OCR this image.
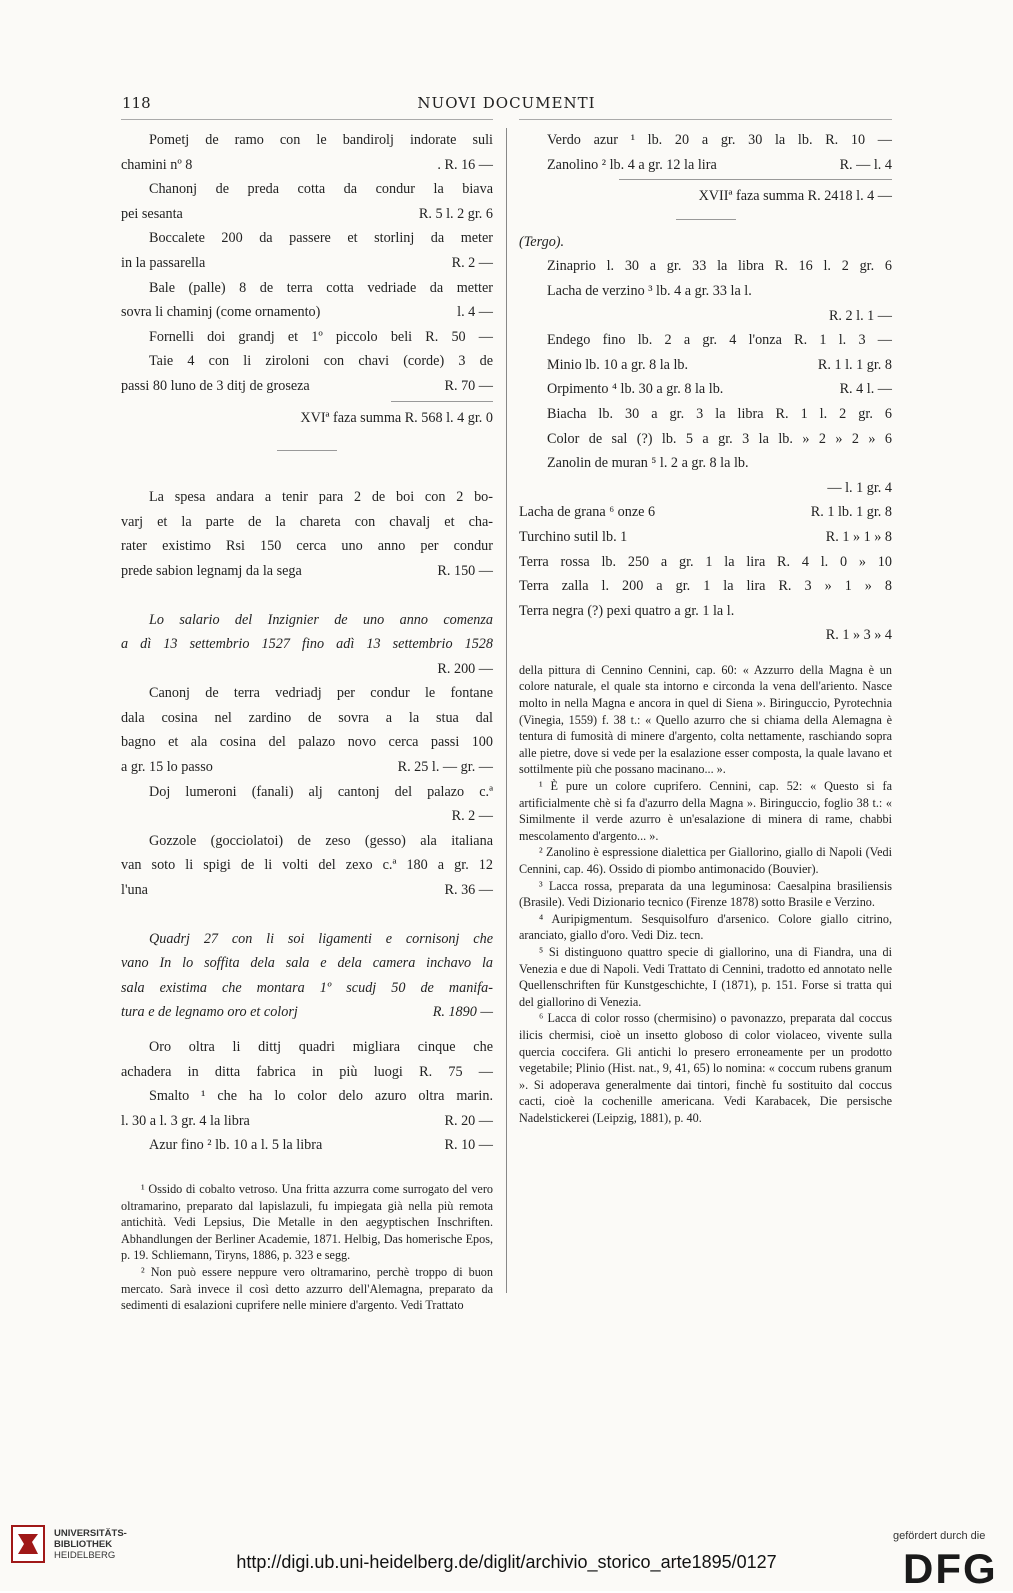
118	NUOVI DOCUMENTI
Pometj de ramo con le bandirolj indorate suli
chamini nº 8	. R. 16 —
Chanonj de preda cotta da condur la biava
pei sesanta	R. 5 l. 2 gr. 6
Boccalete 200 da passere et storlinj da meter
in la passarella	R. 2 —
Bale (palle) 8 de terra cotta vedriade da metter
sovra li chaminj (come ornamento)	l. 4 —
Fornelli doi grandj et 1º piccolo beli R. 50 —
Taie 4 con li ziroloni con chavi (corde) 3 de
passi 80 luno de 3 ditj de groseza	R. 70 —
XVIª faza summa R. 568 l. 4 gr. 0
La spesa andara a tenir para 2 de boi con 2 bo-
varj et la parte de la chareta con chavalj et cha-
rater existimo Rsi 150 cerca uno anno per condur
prede sabion legnamj da la sega	R. 150 —
Lo salario del Inzignier de uno anno comenza
a dì 13 settembrio 1527 fino adì 13 settembrio 1528
R. 200 —
Canonj de terra vedriadj per condur le fontane
dala cosina nel zardino de sovra a la stua dal
bagno et ala cosina del palazo novo cerca passi 100
a gr. 15 lo passo	R. 25 l. — gr. —
Doj lumeroni (fanali) alj cantonj del palazo c.ª
R. 2 —
Gozzole (gocciolatoi) de zeso (gesso) ala italiana
van soto li spigi de li volti del zexo c.ª 180 a gr. 12
l'una	R. 36 —
Quadrj 27 con li soi ligamenti e cornisonj che
vano In lo soffita dela sala e dela camera inchavo la
sala existima che montara 1º scudj 50 de manifa-
tura e de legnamo oro et colorj	R. 1890 —
Oro oltra li dittj quadri migliara cinque che
achadera in ditta fabrica in più luogi R. 75 —
Smalto ¹ che ha lo color delo azuro oltra marin.
l. 30 a l. 3 gr. 4 la libra	R. 20 —
Azur fino ² lb. 10 a l. 5 la libra	R. 10 —

¹ Ossido di cobalto vetroso. Una fritta azzurra come surrogato del vero oltramarino, preparato dal lapislazuli, fu impiegata già nella più remota antichità. Vedi Lepsius, Die Metalle in den aegyptischen Inschriften. Abhandlungen der Berliner Academie, 1871. Helbig, Das homerische Epos, p. 19. Schliemann, Tiryns, 1886, p. 323 e segg.

² Non può essere neppure vero oltramarino, perchè troppo di buon mercato. Sarà invece il così detto azzurro dell'Alemagna, preparato da sedimenti di esalazioni cuprifere nelle miniere d'argento. Vedi Trattato

Verdo azur ¹ lb. 20 a gr. 30 la lb. R. 10 —
Zanolino ² lb. 4 a gr. 12 la lira	R. — l. 4
XVIIª faza summa R. 2418 l. 4 —
(Tergo).
Zinaprio l. 30 a gr. 33 la libra R. 16 l. 2 gr. 6
Lacha de verzino ³ lb. 4 a gr. 33 la l.
R. 2 l. 1 —
Endego fino lb. 2 a gr. 4 l'onza R. 1 l. 3 —
Minio lb. 10 a gr. 8 la lb.	R. 1 l. 1 gr. 8
Orpimento ⁴ lb. 30 a gr. 8 la lb.	R. 4 l. —
Biacha lb. 30 a gr. 3 la libra R. 1 l. 2 gr. 6
Color de sal (?) lb. 5 a gr. 3 la lb. » 2 » 2 » 6
Zanolin de muran ⁵ l. 2 a gr. 8 la lb.
— l. 1 gr. 4
Lacha de grana ⁶ onze 6	R. 1 lb. 1 gr. 8
Turchino sutil lb. 1	R. 1 » 1 » 8
Terra rossa lb. 250 a gr. 1 la lira R. 4 l. 0 » 10
Terra zalla l. 200 a gr. 1 la lira R. 3 » 1 » 8
Terra negra (?) pexi quatro a gr. 1 la l.
R. 1 » 3 » 4

della pittura di Cennino Cennini, cap. 60: « Azzurro della Magna è un colore naturale, el quale sta intorno e circonda la vena dell'ariento. Nasce molto in nella Magna e ancora in quel di Siena ». Biringuccio, Pyrotechnia (Vinegia, 1559) f. 38 t.: « Quello azurro che si chiama della Alemagna è tentura di fumosità di minere d'argento, colta nettamente, raschiando sopra alle pietre, dove si vede per la esalazione esser composta, la quale lavano et sottilmente più che possano macinano... ».

¹ È pure un colore cuprifero. Cennini, cap. 52: « Questo si fa artificialmente chè si fa d'azurro della Magna ». Biringuccio, foglio 38 t.: « Similmente il verde azurro è un'esalazione di minera di rame, chabbi mescolamento d'argento... ».

² Zanolino è espressione dialettica per Giallorino, giallo di Napoli (Vedi Cennini, cap. 46). Ossido di piombo antimonacido (Bouvier).

³ Lacca rossa, preparata da una leguminosa: Caesalpina brasiliensis (Brasile). Vedi Dizionario tecnico (Firenze 1878) sotto Brasile e Verzino.

⁴ Auripigmentum. Sesquisolfuro d'arsenico. Colore giallo citrino, aranciato, giallo d'oro. Vedi Diz. tecn.

⁵ Si distinguono quattro specie di giallorino, una di Fiandra, una di Venezia e due di Napoli. Vedi Trattato di Cennini, tradotto ed annotato nelle Quellenschriften für Kunstgeschichte, I (1871), p. 151. Forse si tratta qui del giallorino di Venezia.

⁶ Lacca di color rosso (chermisino) o pavonazzo, preparata dal coccus ilicis chermisi, cioè un insetto globoso di color violaceo, vivente sulla quercia coccifera. Gli antichi lo presero erroneamente per un prodotto vegetabile; Plinio (Hist. nat., 9, 41, 65) lo nomina: « coccum rubens granum ». Si adoperava generalmente dai tintori, finchè fu sostituito dal coccus cacti, cioè la cochenille americana. Vedi Karabacek, Die persische Nadelstickerei (Leipzig, 1881), p. 40.

UNIVERSITÄTS-
BIBLIOTHEK
HEIDELBERG	http://digi.ub.uni-heidelberg.de/diglit/archivio_storico_arte1895/0127
gefördert durch die
DFG
